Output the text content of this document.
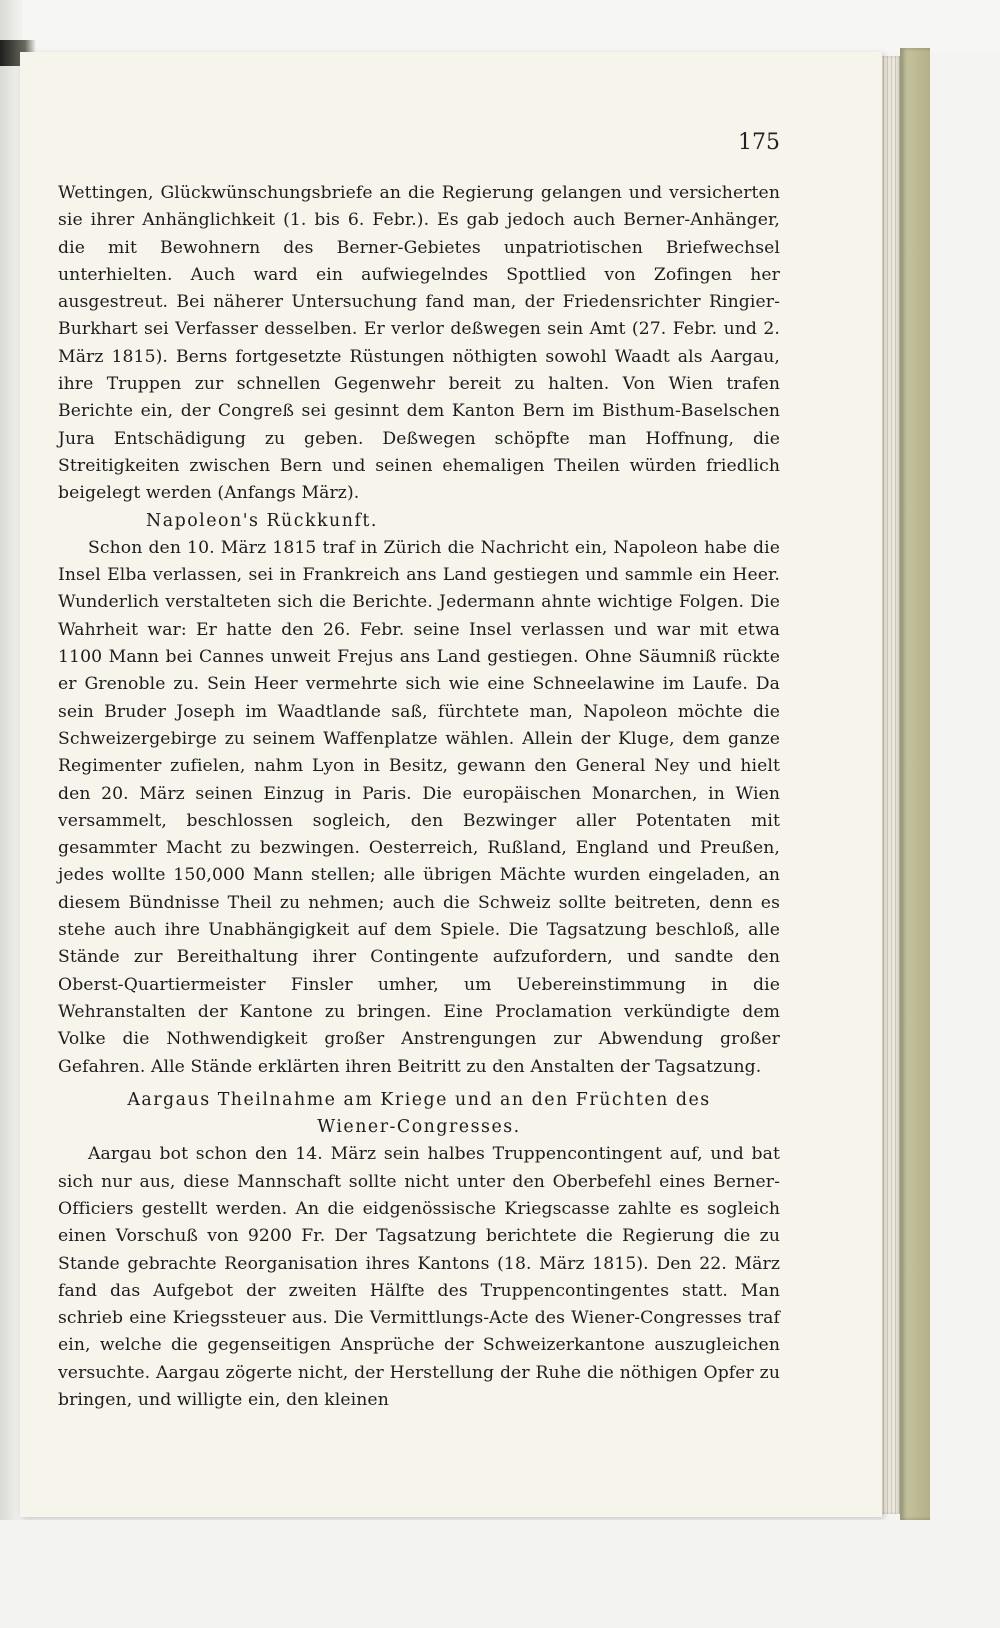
175

Wettingen, Glückwünschungsbriefe an die Regierung gelangen und versicherten sie ihrer Anhänglichkeit (1. bis 6. Febr.). Es gab jedoch auch Berner-Anhänger, die mit Bewohnern des Berner-Gebietes unpatriotischen Briefwechsel unterhielten. Auch ward ein aufwiegelndes Spottlied von Zofingen her ausgestreut. Bei näherer Untersuchung fand man, der Friedensrichter Ringier-Burkhart sei Verfasser desselben. Er verlor deßwegen sein Amt (27. Febr. und 2. März 1815). Berns fortgesetzte Rüstungen nöthigten sowohl Waadt als Aargau, ihre Truppen zur schnellen Gegenwehr bereit zu halten. Von Wien trafen Berichte ein, der Congreß sei gesinnt dem Kanton Bern im Bisthum-Baselschen Jura Entschädigung zu geben. Deßwegen schöpfte man Hoffnung, die Streitigkeiten zwischen Bern und seinen ehemaligen Theilen würden friedlich beigelegt werden (Anfangs März).

Napoleon's Rückkunft.

Schon den 10. März 1815 traf in Zürich die Nachricht ein, Napoleon habe die Insel Elba verlassen, sei in Frankreich ans Land gestiegen und sammle ein Heer. Wunderlich verstalteten sich die Berichte. Jedermann ahnte wichtige Folgen. Die Wahrheit war: Er hatte den 26. Febr. seine Insel verlassen und war mit etwa 1100 Mann bei Cannes unweit Frejus ans Land gestiegen. Ohne Säumniß rückte er Grenoble zu. Sein Heer vermehrte sich wie eine Schneelawine im Laufe. Da sein Bruder Joseph im Waadtlande saß, fürchtete man, Napoleon möchte die Schweizergebirge zu seinem Waffenplatze wählen. Allein der Kluge, dem ganze Regimenter zufielen, nahm Lyon in Besitz, gewann den General Ney und hielt den 20. März seinen Einzug in Paris. Die europäischen Monarchen, in Wien versammelt, beschlossen sogleich, den Bezwinger aller Potentaten mit gesammter Macht zu bezwingen. Oesterreich, Rußland, England und Preußen, jedes wollte 150,000 Mann stellen; alle übrigen Mächte wurden eingeladen, an diesem Bündnisse Theil zu nehmen; auch die Schweiz sollte beitreten, denn es stehe auch ihre Unabhängigkeit auf dem Spiele. Die Tagsatzung beschloß, alle Stände zur Bereithaltung ihrer Contingente aufzufordern, und sandte den Oberst-Quartiermeister Finsler umher, um Uebereinstimmung in die Wehranstalten der Kantone zu bringen. Eine Proclamation verkündigte dem Volke die Nothwendigkeit großer Anstrengungen zur Abwendung großer Gefahren. Alle Stände erklärten ihren Beitritt zu den Anstalten der Tagsatzung.

Aargaus Theilnahme am Kriege und an den Früchten des
Wiener-Congresses.

Aargau bot schon den 14. März sein halbes Truppencontingent auf, und bat sich nur aus, diese Mannschaft sollte nicht unter den Oberbefehl eines Berner-Officiers gestellt werden. An die eidgenössische Kriegscasse zahlte es sogleich einen Vorschuß von 9200 Fr. Der Tagsatzung berichtete die Regierung die zu Stande gebrachte Reorganisation ihres Kantons (18. März 1815). Den 22. März fand das Aufgebot der zweiten Hälfte des Truppencontingentes statt. Man schrieb eine Kriegssteuer aus. Die Vermittlungs-Acte des Wiener-Congresses traf ein, welche die gegenseitigen Ansprüche der Schweizerkantone auszugleichen versuchte. Aargau zögerte nicht, der Herstellung der Ruhe die nöthigen Opfer zu bringen, und willigte ein, den kleinen
